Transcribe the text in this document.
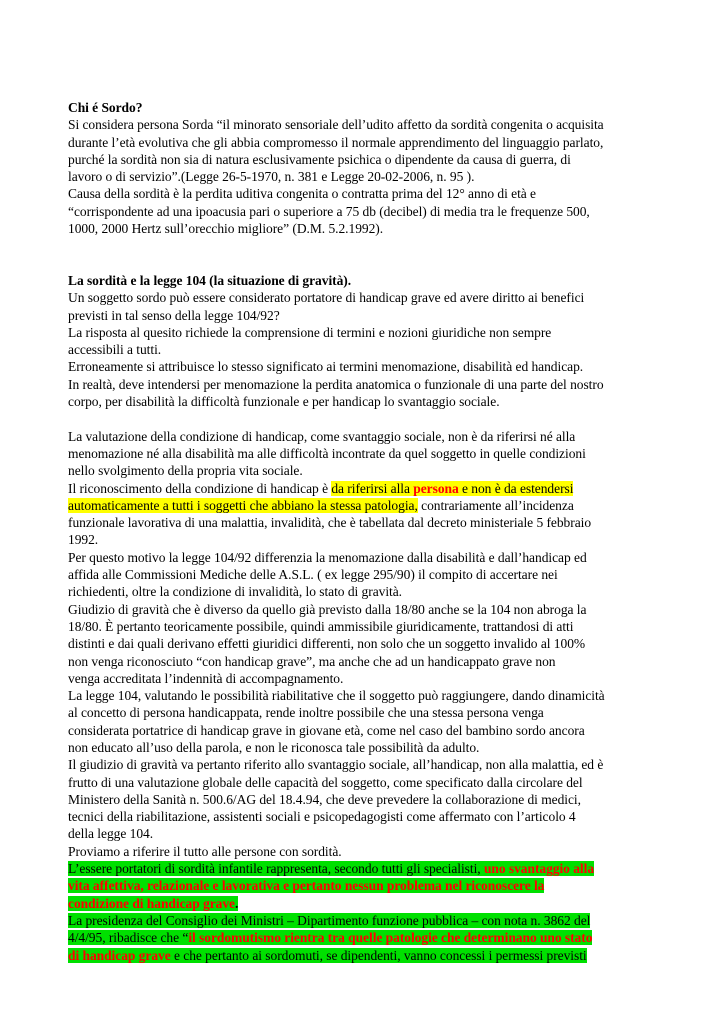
Chi é Sordo?
Si considera persona Sorda “il minorato sensoriale dell’udito affetto da sordità congenita o acquisita
durante l’età evolutiva che gli abbia compromesso il normale apprendimento del linguaggio parlato,
purché la sordità non sia di natura esclusivamente psichica o dipendente da causa di guerra, di
lavoro o di servizio”.(Legge 26-5-1970, n. 381 e Legge 20-02-2006, n. 95 ).
Causa della sordità è la perdita uditiva congenita o contratta prima del 12° anno di età e
“corrispondente ad una ipoacusia pari o superiore a 75 db (decibel) di media tra le frequenze 500,
1000, 2000 Hertz sull’orecchio migliore” (D.M. 5.2.1992).
La sordità e la legge 104 (la situazione di gravità).
Un soggetto sordo può essere considerato portatore di handicap grave ed avere diritto ai benefici
previsti in tal senso della legge 104/92?
La risposta al quesito richiede la comprensione di termini e nozioni giuridiche non sempre
accessibili a tutti.
Erroneamente si attribuisce lo stesso significato ai termini menomazione, disabilità ed handicap.
In realtà, deve intendersi per menomazione la perdita anatomica o funzionale di una parte del nostro
corpo, per disabilità la difficoltà funzionale e per handicap lo svantaggio sociale.
La valutazione della condizione di handicap, come svantaggio sociale, non è da riferirsi né alla
menomazione né alla disabilità ma alle difficoltà incontrate da quel soggetto in quelle condizioni
nello svolgimento della propria vita sociale.
Il riconoscimento della condizione di handicap è da riferirsi alla persona e non è da estendersi
automaticamente a tutti i soggetti che abbiano la stessa patologia, contrariamente all’incidenza
funzionale lavorativa di una malattia, invalidità, che è tabellata dal decreto ministeriale 5 febbraio
1992.
Per questo motivo la legge 104/92 differenzia la menomazione dalla disabilità e dall’handicap ed
affida alle Commissioni Mediche delle A.S.L. ( ex legge 295/90) il compito di accertare nei
richiedenti, oltre la condizione di invalidità, lo stato di gravità.
Giudizio di gravità che è diverso da quello già previsto dalla 18/80 anche se la 104 non abroga la
18/80. È pertanto teoricamente possibile, quindi ammissibile giuridicamente, trattandosi di atti
distinti e dai quali derivano effetti giuridici differenti, non solo che un soggetto invalido al 100%
non venga riconosciuto “con handicap grave”, ma anche che ad un handicappato grave non
venga accreditata l’indennità di accompagnamento.
La legge 104, valutando le possibilità riabilitative che il soggetto può raggiungere, dando dinamicità
al concetto di persona handicappata, rende inoltre possibile che una stessa persona venga
considerata portatrice di handicap grave in giovane età, come nel caso del bambino sordo ancora
non educato all’uso della parola, e non le riconosca tale possibilità da adulto.
Il giudizio di gravità va pertanto riferito allo svantaggio sociale, all’handicap, non alla malattia, ed è
frutto di una valutazione globale delle capacità del soggetto, come specificato dalla circolare del
Ministero della Sanità n. 500.6/AG del 18.4.94, che deve prevedere la collaborazione di medici,
tecnici della riabilitazione, assistenti sociali e psicopedagogisti come affermato con l’articolo 4
della legge 104.
Proviamo a riferire il tutto alle persone con sordità.
L’essere portatori di sordità infantile rappresenta, secondo tutti gli specialisti, uno svantaggio alla
vita affettiva, relazionale e lavorativa e pertanto nessun problema nel riconoscere la
condizione di handicap grave.
La presidenza del Consiglio dei Ministri – Dipartimento funzione pubblica – con nota n. 3862 del
4/4/95, ribadisce che “il sordomutismo rientra tra quelle patologie che determinano uno stato
di handicap grave e che pertanto ai sordomuti, se dipendenti, vanno concessi i permessi previsti
